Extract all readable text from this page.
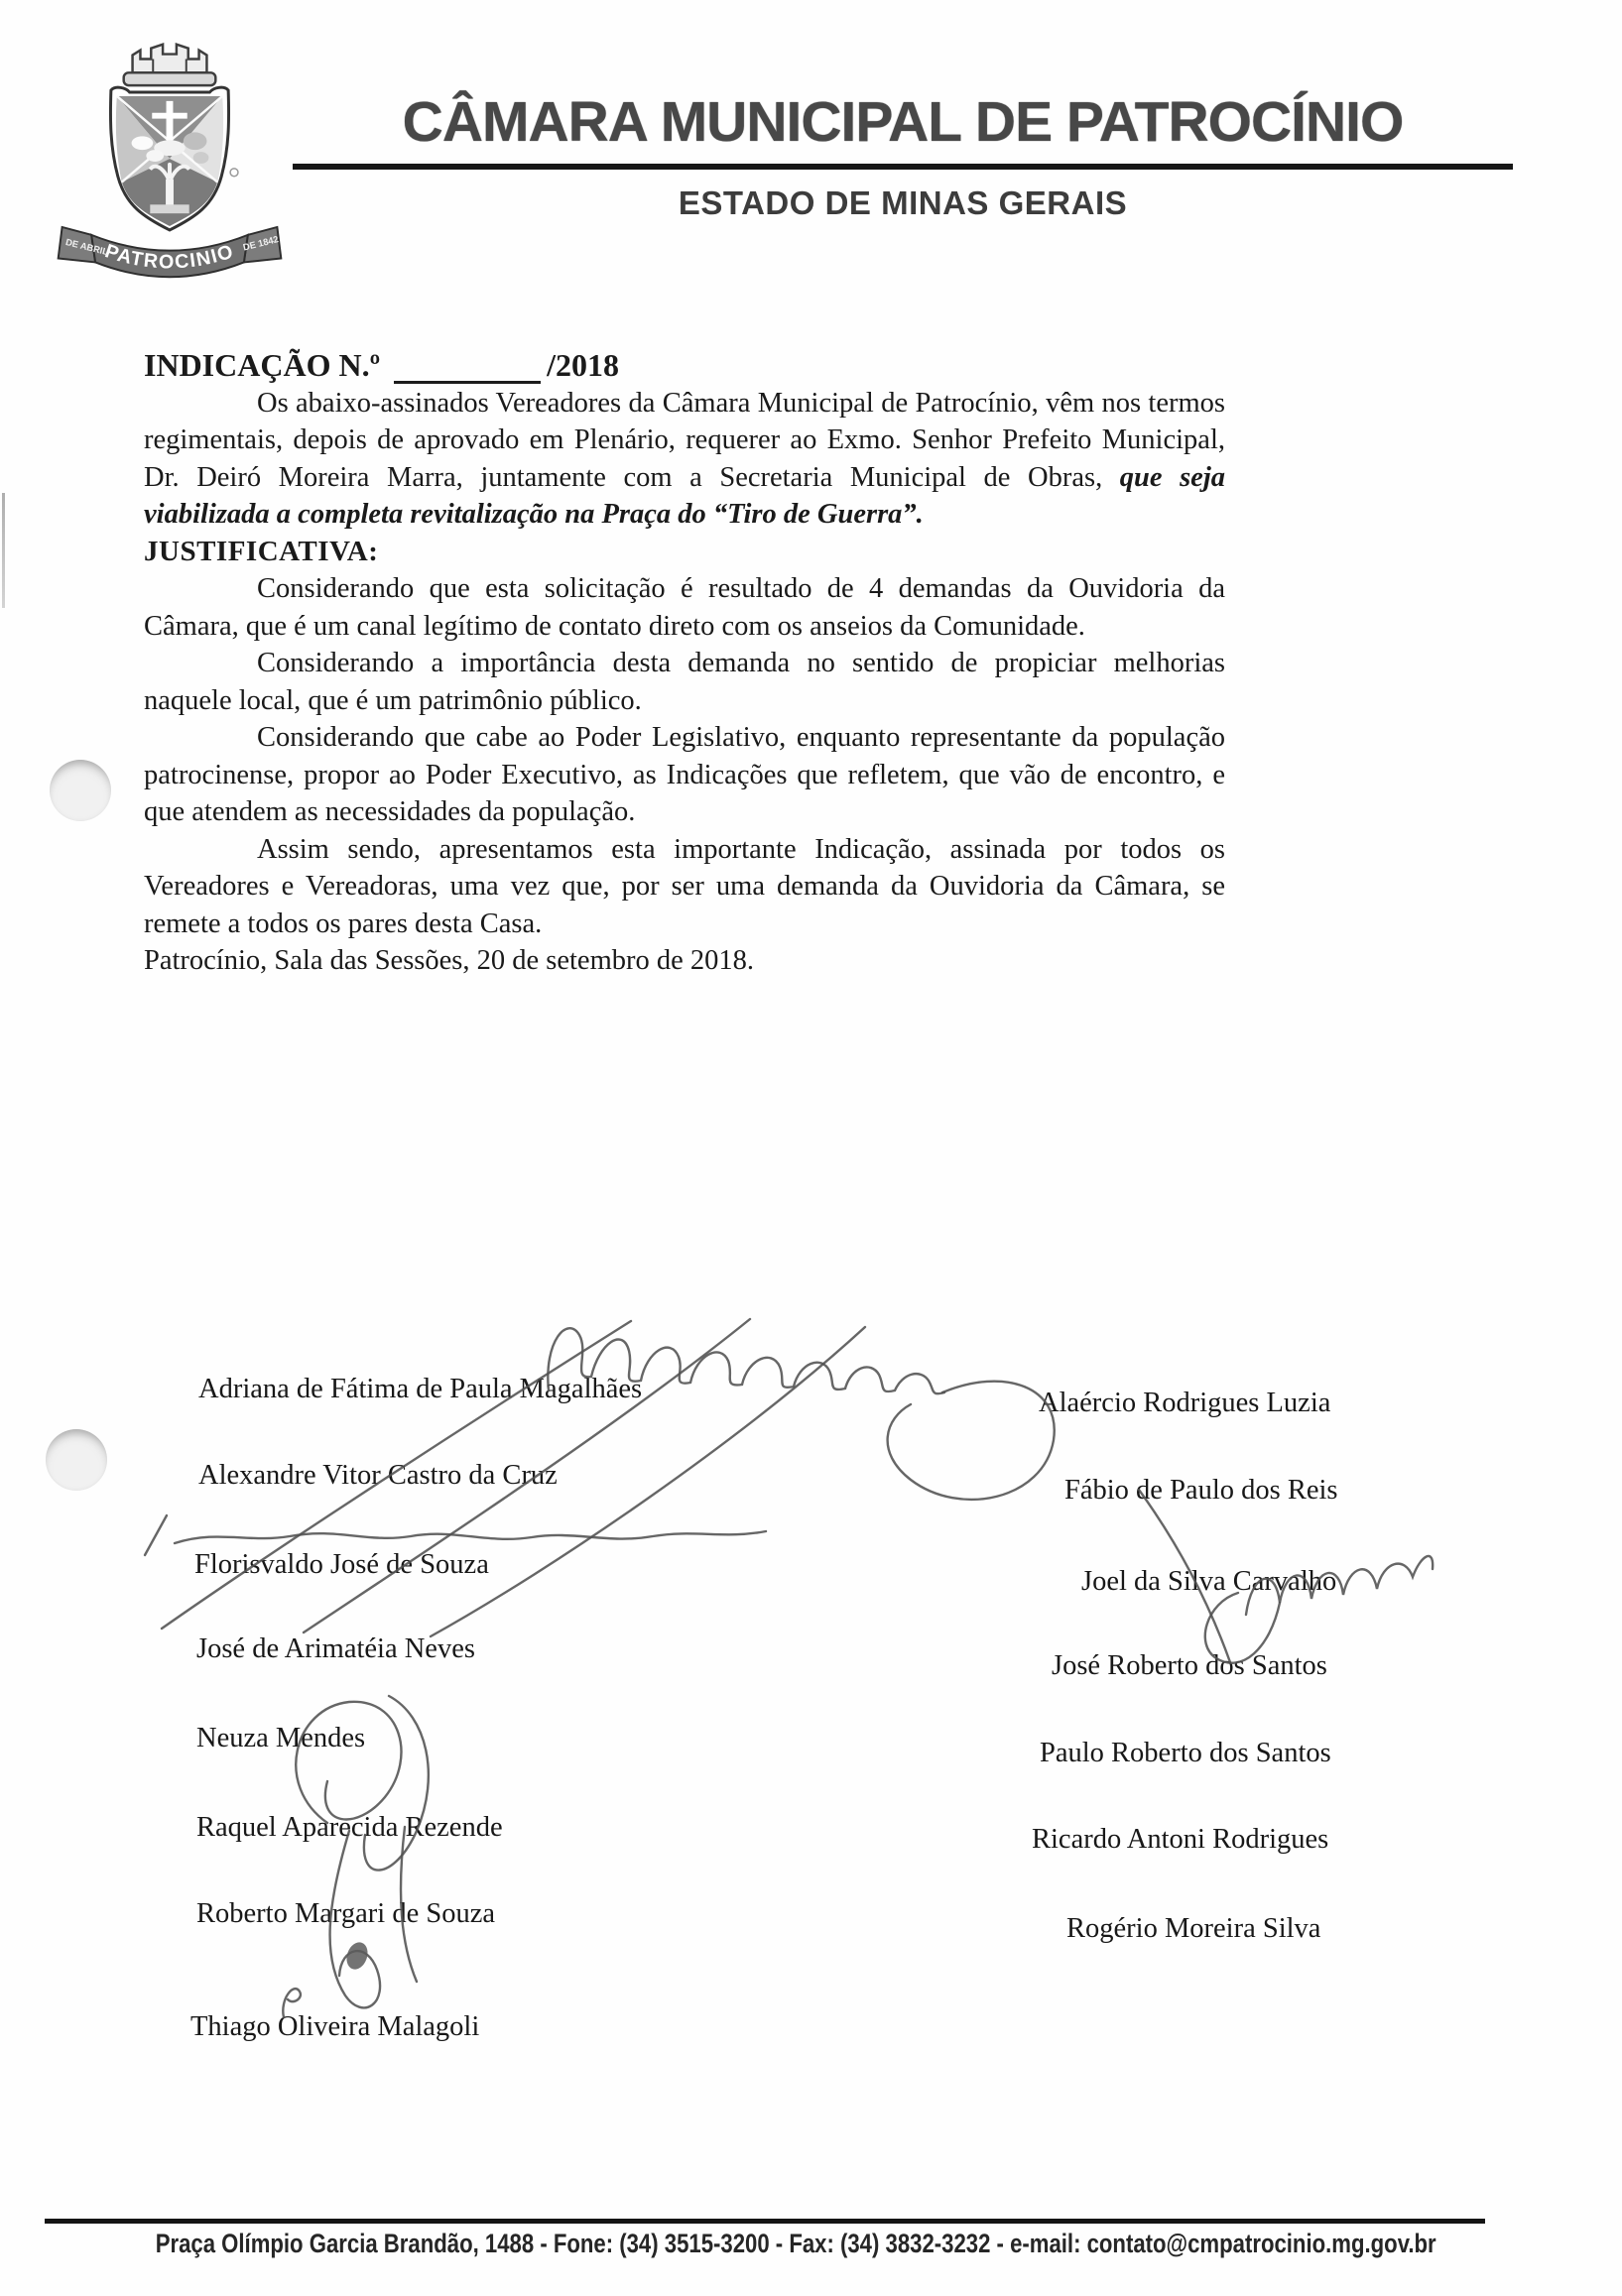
PATROCINIO
DE ABRIL	DE 1842
CÂMARA MUNICIPAL DE PATROCÍNIO
ESTADO DE MINAS GERAIS

INDICAÇÃO N.º	/2018

Os abaixo-assinados Vereadores da Câmara Municipal de Patrocínio, vêm nos termos regimentais, depois de aprovado em Plenário, requerer ao Exmo. Senhor Prefeito Municipal, Dr. Deiró Moreira Marra, juntamente com a Secretaria Municipal de Obras, que seja viabilizada a completa revitalização na Praça do “Tiro de Guerra”.

JUSTIFICATIVA:

Considerando que esta solicitação é resultado de 4 demandas da Ouvidoria da Câmara, que é um canal legítimo de contato direto com os anseios da Comunidade.

Considerando a importância desta demanda no sentido de propiciar melhorias naquele local, que é um patrimônio público.

Considerando que cabe ao Poder Legislativo, enquanto representante da população patrocinense, propor ao Poder Executivo, as Indicações que refletem, que vão de encontro, e que atendem as necessidades da população.

Assim sendo, apresentamos esta importante Indicação, assinada por todos os Vereadores e Vereadoras, uma vez que, por ser uma demanda da Ouvidoria da Câmara, se remete a todos os pares desta Casa.

Patrocínio, Sala das Sessões, 20 de setembro de 2018.

Adriana de Fátima de Paula Magalhães
Alexandre Vitor Castro da Cruz
Florisvaldo José de Souza
José de Arimatéia Neves
Neuza Mendes
Raquel Aparecida Rezende
Roberto Margari de Souza
Thiago Oliveira Malagoli
Alaércio Rodrigues Luzia
Fábio de Paulo dos Reis
Joel da Silva Carvalho
José Roberto dos Santos
Paulo Roberto dos Santos
Ricardo Antoni Rodrigues
Rogério Moreira Silva
Praça Olímpio Garcia Brandão, 1488 - Fone: (34) 3515-3200 - Fax: (34) 3832-3232 - e-mail: contato@cmpatrocinio.mg.gov.br
